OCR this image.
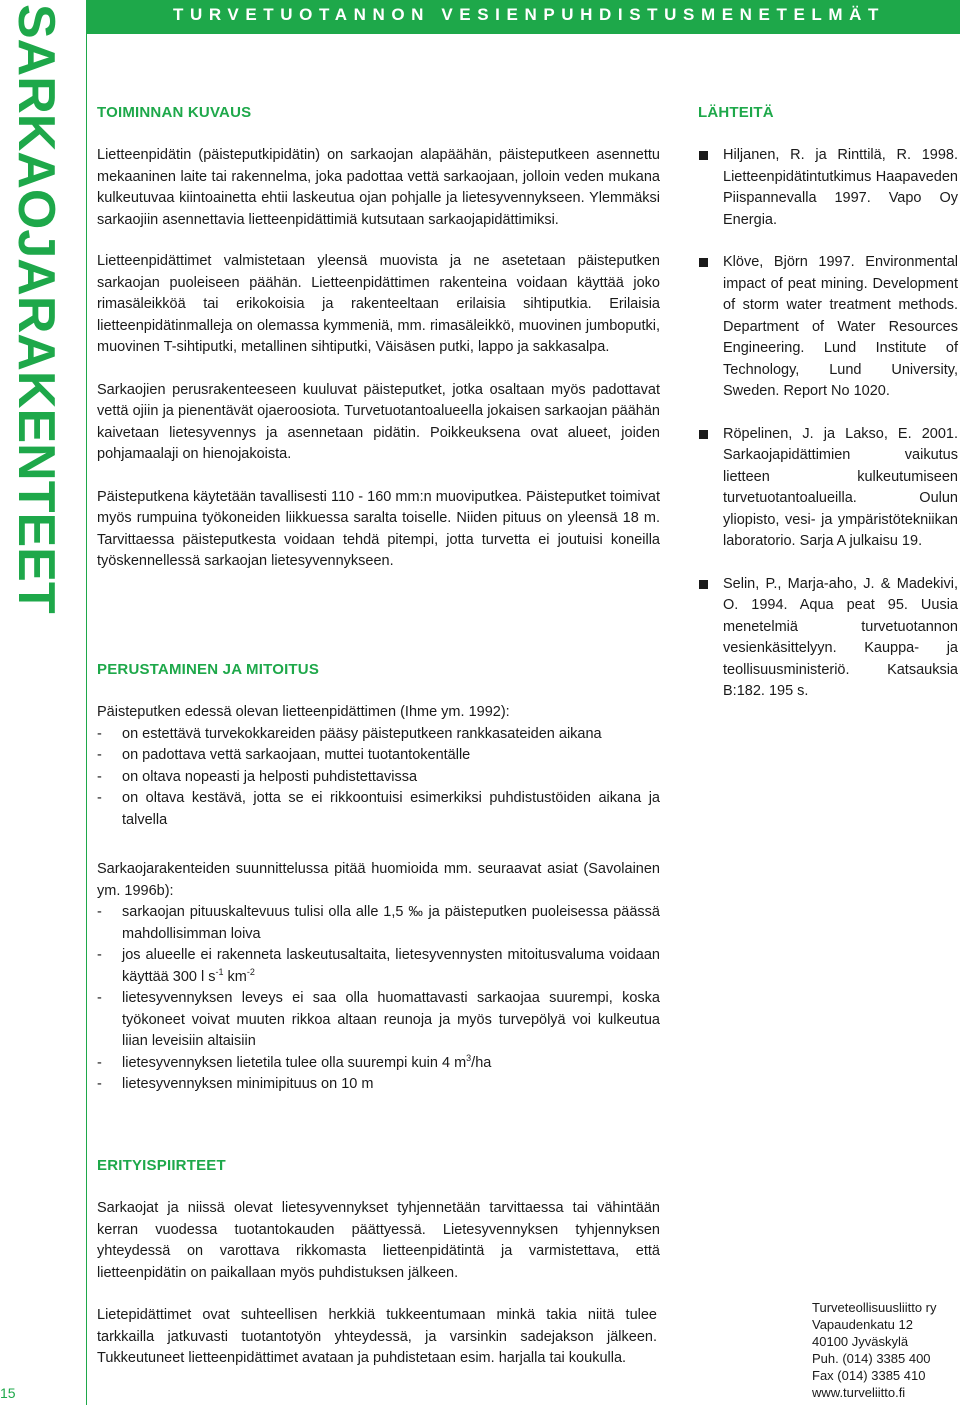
SARKAOJARAKENTEET	TURVETUOTANNON VESIENPUHDISTUSMENETELMÄT
TOIMINNAN KUVAUS

Lietteenpidätin (päisteputkipidätin) on sarkaojan alapäähän, päisteputkeen asennettu mekaaninen laite tai rakennelma, joka padottaa vettä sarkaojaan, jolloin veden mukana kulkeutuvaa kiintoainetta ehtii laskeutua ojan pohjalle ja lietesyvennykseen. Ylemmäksi sarkaojiin asennettavia lietteenpidättimiä kutsutaan sarkaojapidättimiksi.

Lietteenpidättimet valmistetaan yleensä muovista ja ne asetetaan päisteputken sarkaojan puoleiseen päähän. Lietteenpidättimen rakenteina voidaan käyttää joko rimasäleikköä tai erikokoisia ja rakenteeltaan erilaisia sihtiputkia. Erilaisia lietteenpidätinmalleja on olemassa kymmeniä, mm. rimasäleikkö, muovinen jumboputki, muovinen T-sihtiputki, metallinen sihtiputki, Väisäsen putki, lappo ja sakkasalpa.

Sarkaojien perusrakenteeseen kuuluvat päisteputket, jotka osaltaan myös padottavat vettä ojiin ja pienentävät ojaeroosiota. Turvetuotantoalueella jokaisen sarkaojan päähän kaivetaan lietesyvennys ja asennetaan pidätin. Poikkeuksena ovat alueet, joiden pohjamaalaji on hienojakoista.

Päisteputkena käytetään tavallisesti 110 - 160 mm:n muoviputkea. Päisteputket toimivat myös rumpuina työkoneiden liikkuessa saralta toiselle. Niiden pituus on yleensä 18 m. Tarvittaessa päisteputkesta voidaan tehdä pitempi, jotta turvetta ei joutuisi koneilla työskennellessä sarkaojan lietesyvennykseen.

PERUSTAMINEN JA MITOITUS

Päisteputken edessä olevan lietteenpidättimen (Ihme ym. 1992):

- on estettävä turvekokkareiden pääsy päisteputkeen rankkasateiden aikana
- on padottava vettä sarkaojaan, muttei tuotantokentälle
- on oltava nopeasti ja helposti puhdistettavissa
- on oltava kestävä, jotta se ei rikkoontuisi esimerkiksi puhdistustöiden aikana ja talvella

Sarkaojarakenteiden suunnittelussa pitää huomioida mm. seuraavat asiat (Savolainen ym. 1996b):

- sarkaojan pituuskaltevuus tulisi olla alle 1,5 ‰ ja päisteputken puoleisessa päässä mahdollisimman loiva
- jos alueelle ei rakenneta laskeutusaltaita, lietesyvennysten mitoitusvaluma voidaan käyttää 300 l $s^{-1}$ $km^{-2}$
- lietesyvennyksen leveys ei saa olla huomattavasti sarkaojaa suurempi, koska työkoneet voivat muuten rikkoa altaan reunoja ja myös turvepölyä voi kulkeutua liian leveisiin altaisiin
- lietesyvennyksen lietetila tulee olla suurempi kuin 4 $m^3/ha$
- lietesyvennyksen minimipituus on 10 m
ERITYISPIIRTEET

Sarkaojat ja niissä olevat lietesyvennykset tyhjennetään tarvittaessa tai vähintään kerran vuodessa tuotantokauden päättyessä. Lietesyvennyksen tyhjennyksen yhteydessä on varottava rikkomasta lietteenpidätintä ja varmistettava, että lietteenpidätin on paikallaan myös puhdistuksen jälkeen.

Lietepidättimet ovat suhteellisen herkkiä tukkeentumaan minkä takia niitä tulee tarkkailla jatkuvasti tuotantotyön yhteydessä, ja varsinkin sadejakson jälkeen. Tukkeutuneet lietteenpidättimet avataan ja puhdistetaan esim. harjalla tai koukulla.

LÄHTEITÄ
Hiljanen, R. ja Rinttilä, R. 1998. Lietteenpidätintutkimus Haapaveden Piispannevalla 1997. Vapo Oy Energia.
Klöve, Björn 1997. Environmental impact of peat mining. Development of storm water treatment methods. Department of Water Resources Engineering. Lund Institute of Technology, Lund University, Sweden. Report No 1020.
Röpelinen, J. ja Lakso, E. 2001. Sarkaojapidättimien vaikutus lietteen kulkeutumiseen turvetuotantoalueilla. Oulun yliopisto, vesi- ja ympäristötekniikan laboratorio. Sarja A julkaisu 19.
Selin, P., Marja-aho, J. & Madekivi, O. 1994. Aqua peat 95. Uusia menetelmiä turvetuotannon vesienkäsittelyyn. Kauppa- ja teollisuusministeriö. Katsauksia B:182. 195 s.
Turveteollisuusliitto ry
Vapaudenkatu 12
40100 Jyväskylä
Puh. (014) 3385 400
Fax (014) 3385 410
www.turveliitto.fi
15
